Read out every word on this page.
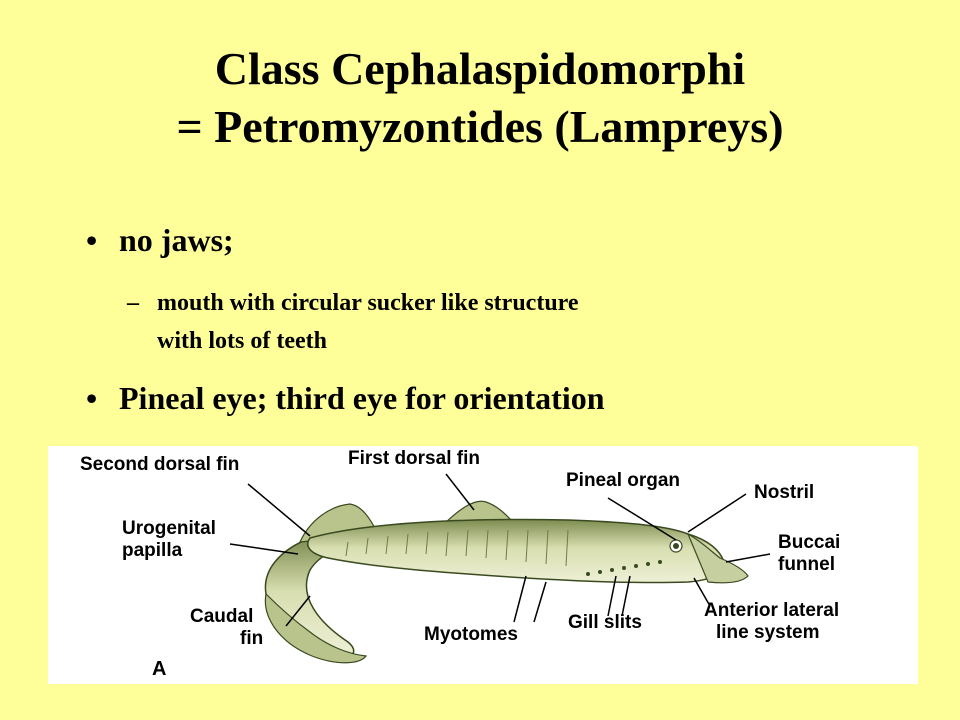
Class Cephalaspidomorphi
= Petromyzontides (Lampreys)
• no jaws;
– mouth with circular sucker like structure
with lots of teeth
• Pineal eye; third eye for orientation
Second dorsal fin	First dorsal fin
Pineal organ
Nostril
Urogenital
papilla	Buccai
funnel
Caudal
fin	Myotomes
Gill slits
Anterior lateral
line system
A
